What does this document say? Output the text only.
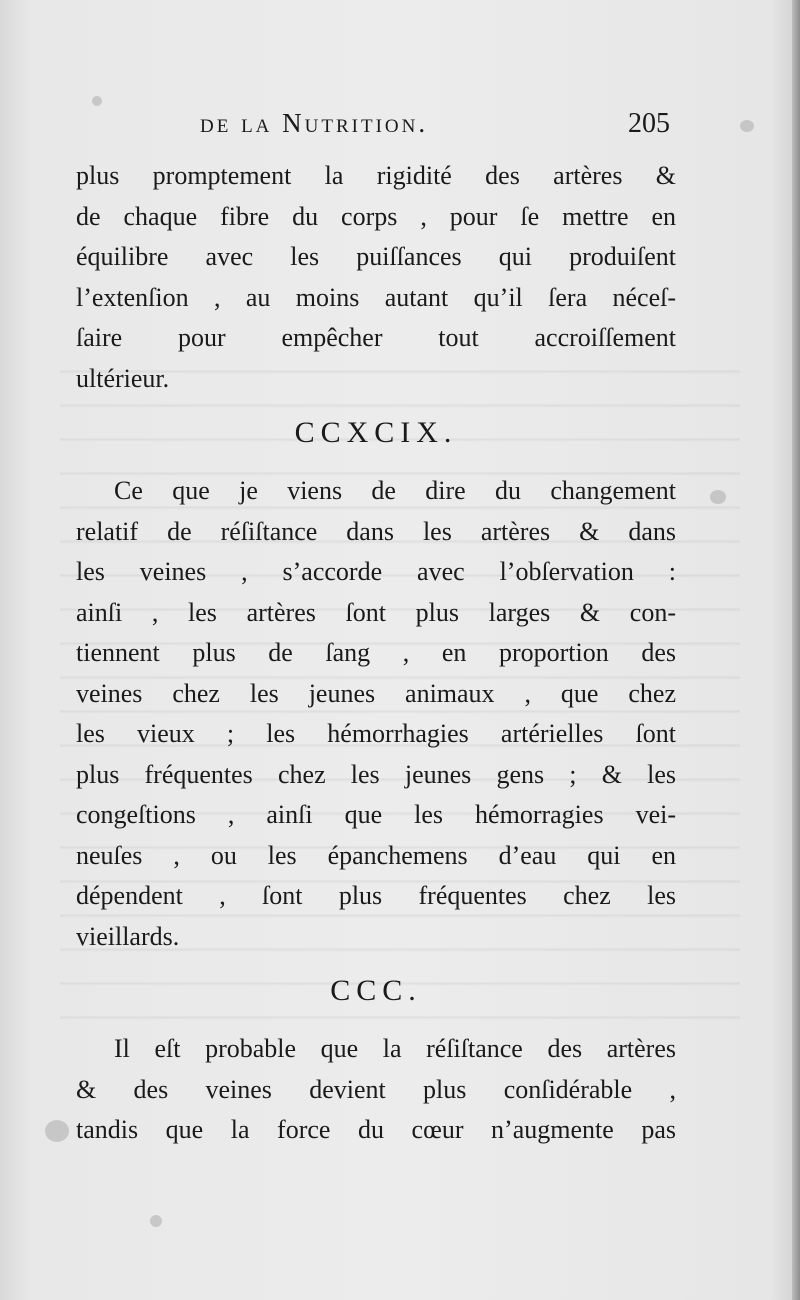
de la Nutrition.	205
plus promptement la rigidité des artères &
de chaque fibre du corps , pour ſe mettre en
équilibre avec les puiſſances qui produiſent
l’extenſion , au moins autant qu’il ſera néceſ-
ſaire pour empêcher tout accroiſſement
ultérieur.
CCXCIX.
Ce que je viens de dire du changement
relatif de réſiſtance dans les artères & dans
les veines , s’accorde avec l’obſervation :
ainſi , les artères ſont plus larges & con-
tiennent plus de ſang , en proportion des
veines chez les jeunes animaux , que chez
les vieux ; les hémorrhagies artérielles ſont
plus fréquentes chez les jeunes gens ; & les
congeſtions , ainſi que les hémorragies vei-
neuſes , ou les épanchemens d’eau qui en
dépendent , ſont plus fréquentes chez les
vieillards.
CCC.
Il eſt probable que la réſiſtance des artères
& des veines devient plus conſidérable ,
tandis que la force du cœur n’augmente pas
